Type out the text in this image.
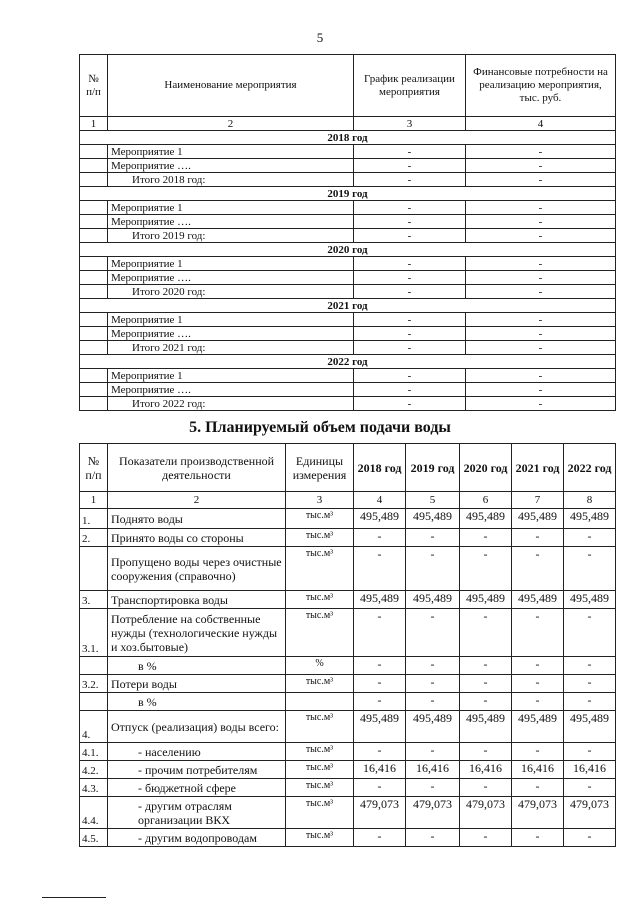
5
№ п/п	Наименование мероприятия	График реализации мероприятия	Финансовые потребности на реализацию мероприятия, тыс. руб.
1	2	3	4
2018 год			
	Мероприятие 1	-	-
	Мероприятие ….	-	-
	Итого 2018 год:	-	-
2019 год			
	Мероприятие 1	-	-
	Мероприятие ….	-	-
	Итого 2019 год:	-	-
2020 год			
	Мероприятие 1	-	-
	Мероприятие ….	-	-
	Итого 2020 год:	-	-
2021 год			
	Мероприятие 1	-	-
	Мероприятие ….	-	-
	Итого 2021 год:	-	-
2022 год			
	Мероприятие 1	-	-
	Мероприятие ….	-	-
	Итого 2022 год:	-	-
5. Планируемый объем подачи воды
№ п/п	Показатели производственной деятельности	Единицы измерения	2018 год	2019 год	2020 год	2021 год	2022 год
1	2	3	4	5	6	7	8
1.	Поднято воды	тыс.м³	495,489	495,489	495,489	495,489	495,489
2.	Принято воды со стороны	тыс.м³	-	-	-	-	-
	Пропущено воды через очистные сооружения (справочно)	тыс.м³	-	-	-	-	-
3.	Транспортировка воды	тыс.м³	495,489	495,489	495,489	495,489	495,489
3.1.	Потребление на собственные нужды (технологические нужды и хоз.бытовые)	тыс.м³	-	-	-	-	-
	в %	%	-	-	-	-	-
3.2.	Потери воды	тыс.м³	-	-	-	-	-
	в %		-	-	-	-	-
4.	Отпуск (реализация) воды всего:	тыс.м³	495,489	495,489	495,489	495,489	495,489
4.1.	- населению	тыс.м³	-	-	-	-	-
4.2.	- прочим потребителям	тыс.м³	16,416	16,416	16,416	16,416	16,416
4.3.	- бюджетной сфере	тыс.м³	-	-	-	-	-
4.4.	- другим отраслям организации ВКХ	тыс.м³	479,073	479,073	479,073	479,073	479,073
4.5.	- другим водопроводам	тыс.м³	-	-	-	-	-
